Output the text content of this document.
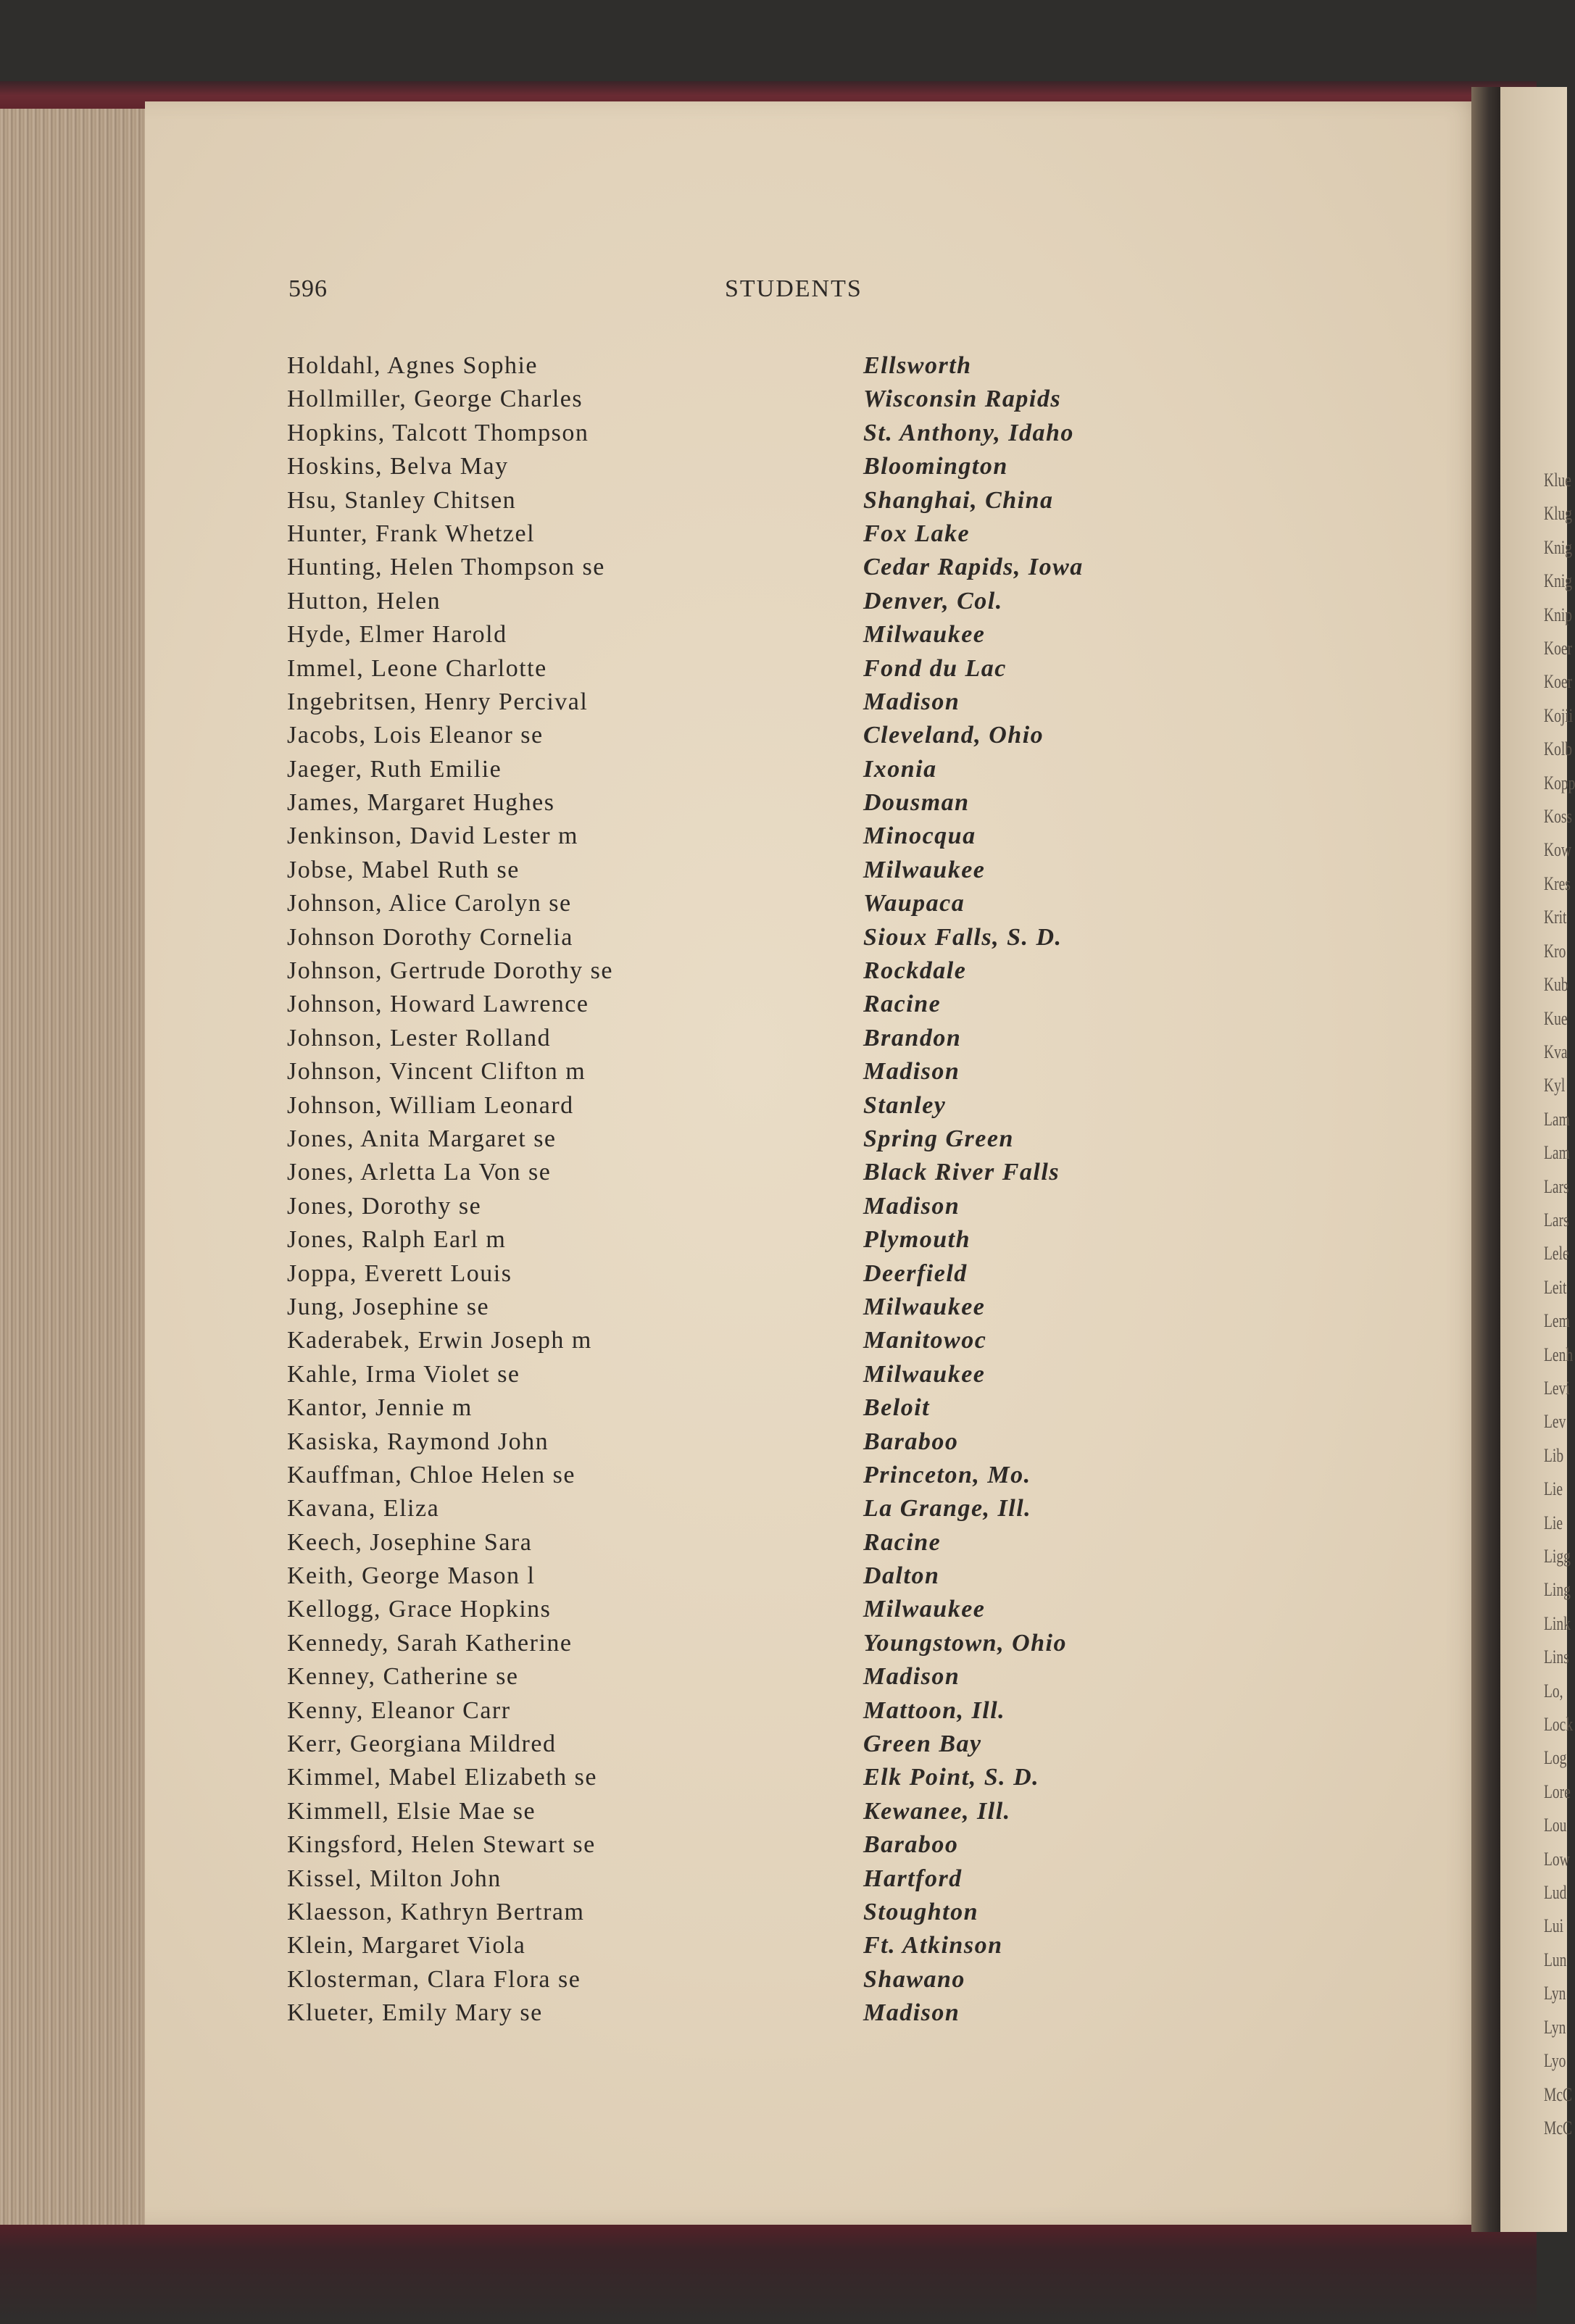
Klue
Klug
Knig
Knig
Knip
Koer
Koer
Kojii
Kolb
Kopp
Koss
Kow
Kres
Krit
Kro
Kub
Kue
Kva
Kyl
Lam
Lam
Lars
Lars
Lele
Leit
Lem
Lenh
Levi
Lev
Lib
Lie
Lie
Ligg
Ling
Link
Lins
Lo,
Lock
Log
Lore
Lou
Low
Lud
Lui
Lun
Lyn
Lyn
Lyo
McC
McC
596	STUDENTS
Holdahl, Agnes Sophie	Ellsworth
Hollmiller, George Charles	Wisconsin Rapids
Hopkins, Talcott Thompson	St. Anthony, Idaho
Hoskins, Belva May	Bloomington
Hsu, Stanley Chitsen	Shanghai, China
Hunter, Frank Whetzel	Fox Lake
Hunting, Helen Thompson se	Cedar Rapids, Iowa
Hutton, Helen	Denver, Col.
Hyde, Elmer Harold	Milwaukee
Immel, Leone Charlotte	Fond du Lac
Ingebritsen, Henry Percival	Madison
Jacobs, Lois Eleanor se	Cleveland, Ohio
Jaeger, Ruth Emilie	Ixonia
James, Margaret Hughes	Dousman
Jenkinson, David Lester m	Minocqua
Jobse, Mabel Ruth se	Milwaukee
Johnson, Alice Carolyn se	Waupaca
Johnson Dorothy Cornelia	Sioux Falls, S. D.
Johnson, Gertrude Dorothy se	Rockdale
Johnson, Howard Lawrence	Racine
Johnson, Lester Rolland	Brandon
Johnson, Vincent Clifton m	Madison
Johnson, William Leonard	Stanley
Jones, Anita Margaret se	Spring Green
Jones, Arletta La Von se	Black River Falls
Jones, Dorothy se	Madison
Jones, Ralph Earl m	Plymouth
Joppa, Everett Louis	Deerfield
Jung, Josephine se	Milwaukee
Kaderabek, Erwin Joseph m	Manitowoc
Kahle, Irma Violet se	Milwaukee
Kantor, Jennie m	Beloit
Kasiska, Raymond John	Baraboo
Kauffman, Chloe Helen se	Princeton, Mo.
Kavana, Eliza	La Grange, Ill.
Keech, Josephine Sara	Racine
Keith, George Mason l	Dalton
Kellogg, Grace Hopkins	Milwaukee
Kennedy, Sarah Katherine	Youngstown, Ohio
Kenney, Catherine se	Madison
Kenny, Eleanor Carr	Mattoon, Ill.
Kerr, Georgiana Mildred	Green Bay
Kimmel, Mabel Elizabeth se	Elk Point, S. D.
Kimmell, Elsie Mae se	Kewanee, Ill.
Kingsford, Helen Stewart se	Baraboo
Kissel, Milton John	Hartford
Klaesson, Kathryn Bertram	Stoughton
Klein, Margaret Viola	Ft. Atkinson
Klosterman, Clara Flora se	Shawano
Klueter, Emily Mary se	Madison
